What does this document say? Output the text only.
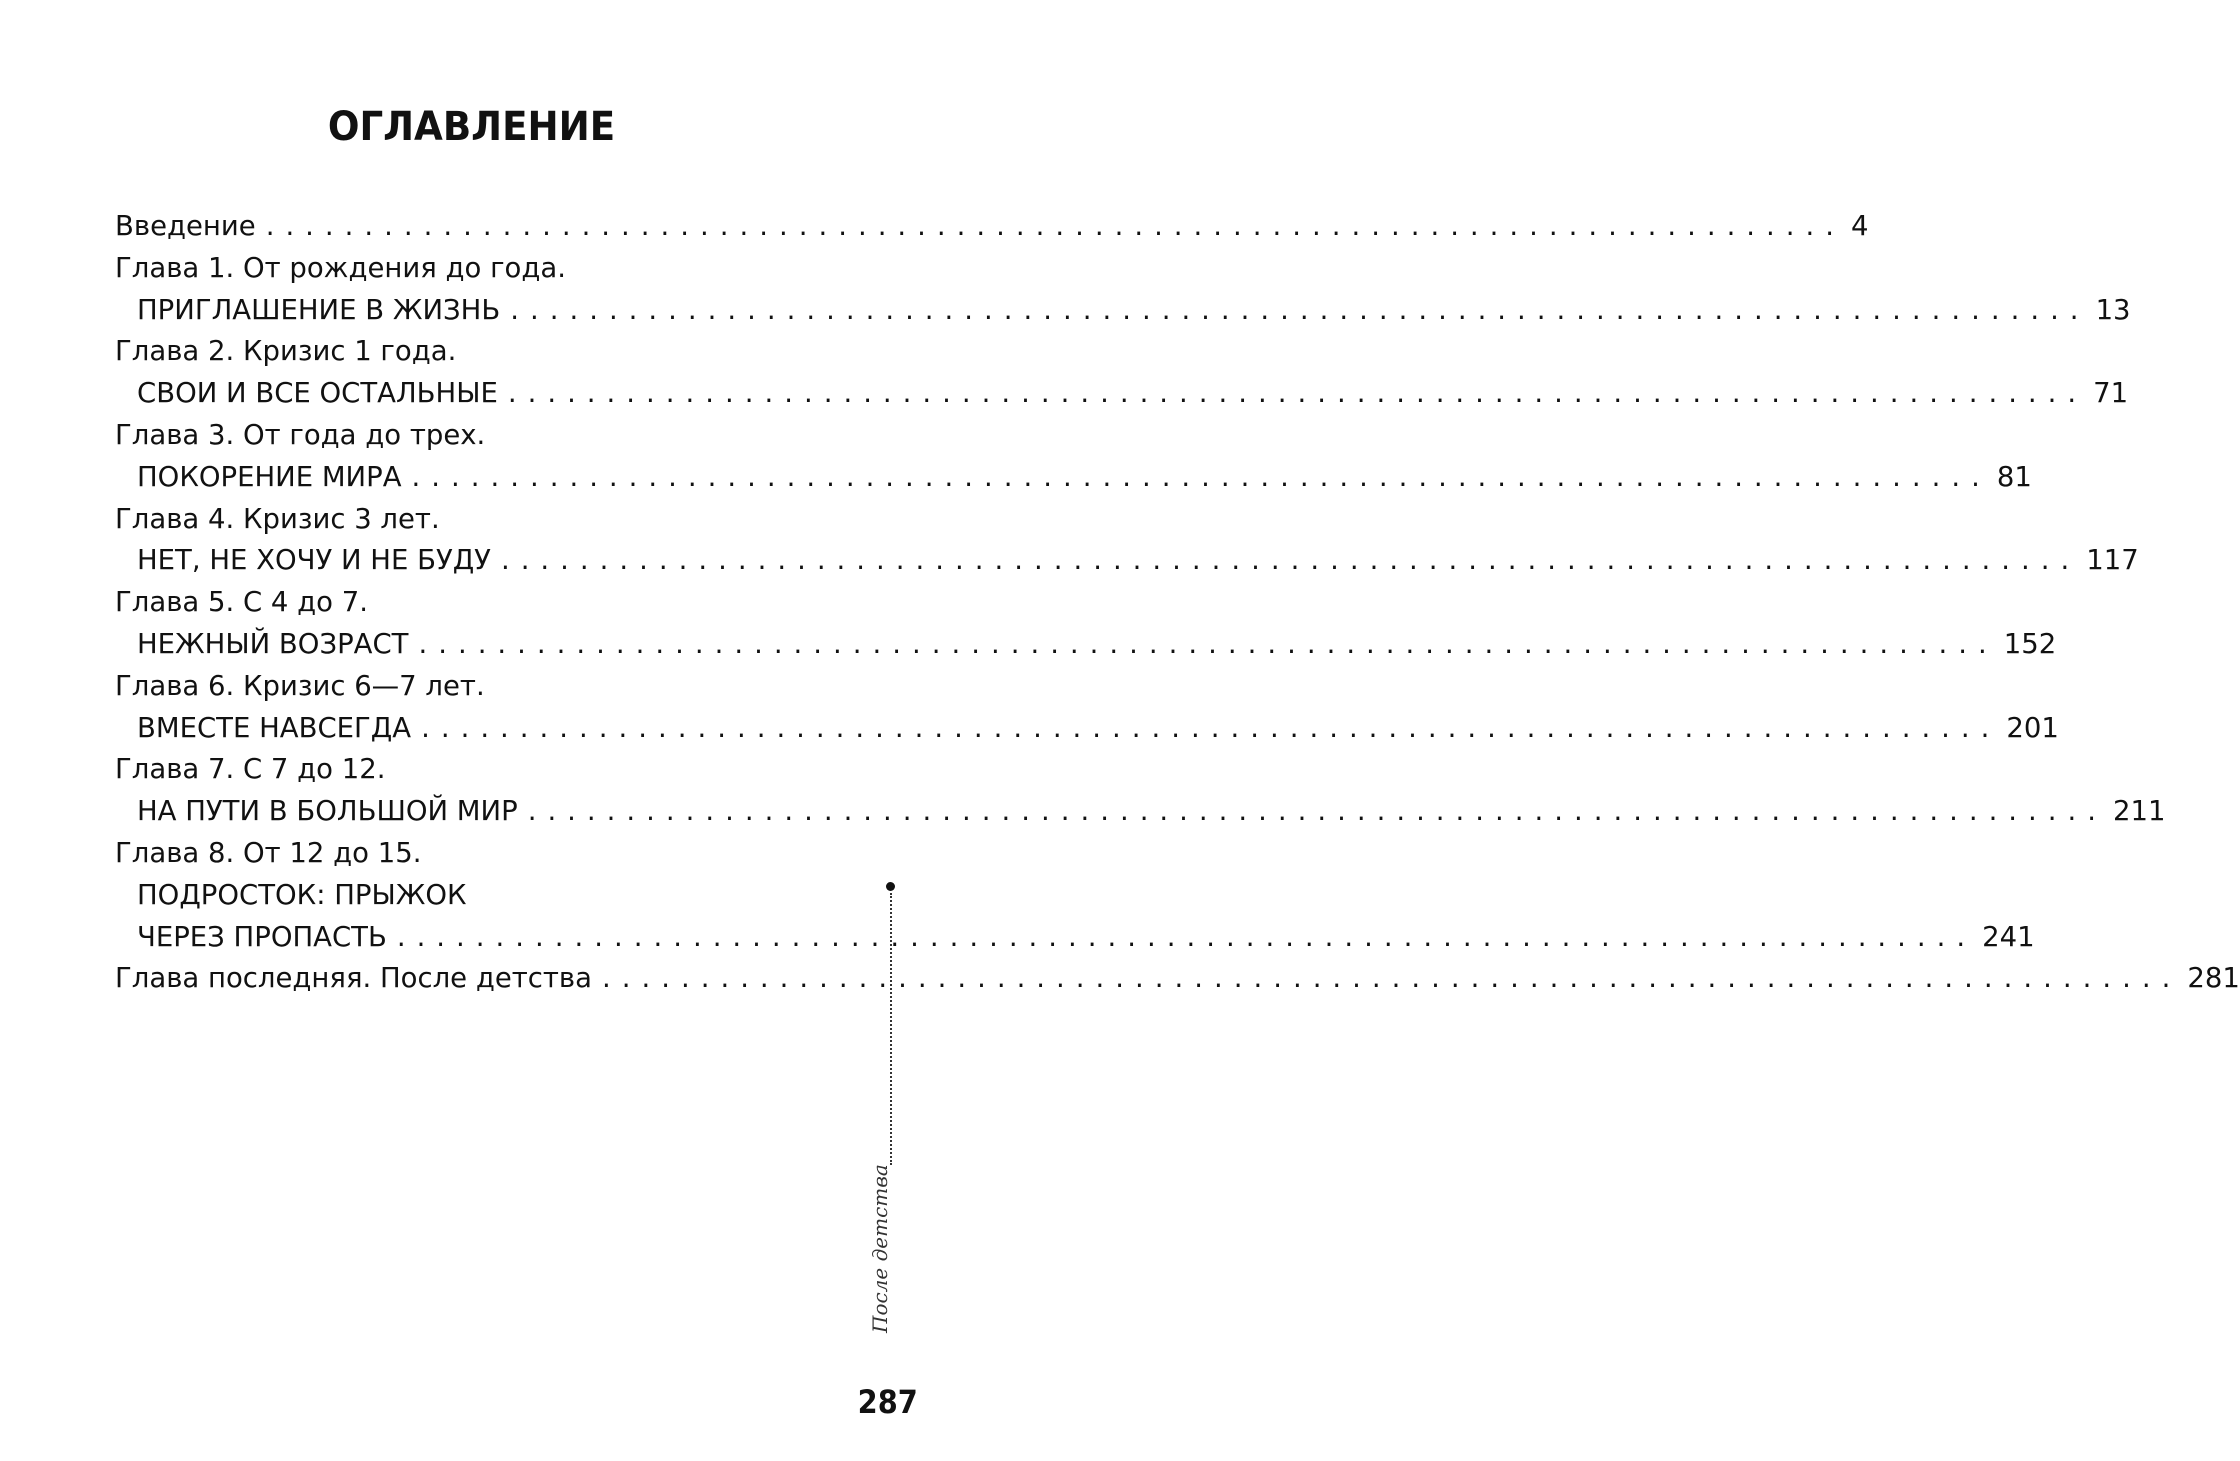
ОГЛАВЛЕНИЕ
Введение ................................................................................ 4
Глава 1. От рождения до года.
ПРИГЛАШЕНИЕ В ЖИЗНЬ ................................................................................ 13
Глава 2. Кризис 1 года.
СВОИ И ВСЕ ОСТАЛЬНЫЕ ................................................................................ 71
Глава 3. От года до трех.
ПОКОРЕНИЕ МИРА ................................................................................ 81
Глава 4. Кризис 3 лет.
НЕТ, НЕ ХОЧУ И НЕ БУДУ ................................................................................ 117
Глава 5. С 4 до 7.
НЕЖНЫЙ ВОЗРАСТ ................................................................................ 152
Глава 6. Кризис 6—7 лет.
ВМЕСТЕ НАВСЕГДА ................................................................................ 201
Глава 7. С 7 до 12.
НА ПУТИ В БОЛЬШОЙ МИР ................................................................................ 211
Глава 8. От 12 до 15.
ПОДРОСТОК: ПРЫЖОК
ЧЕРЕЗ ПРОПАСТЬ ................................................................................ 241
Глава последняя. После детства ................................................................................ 281
После детства
287
